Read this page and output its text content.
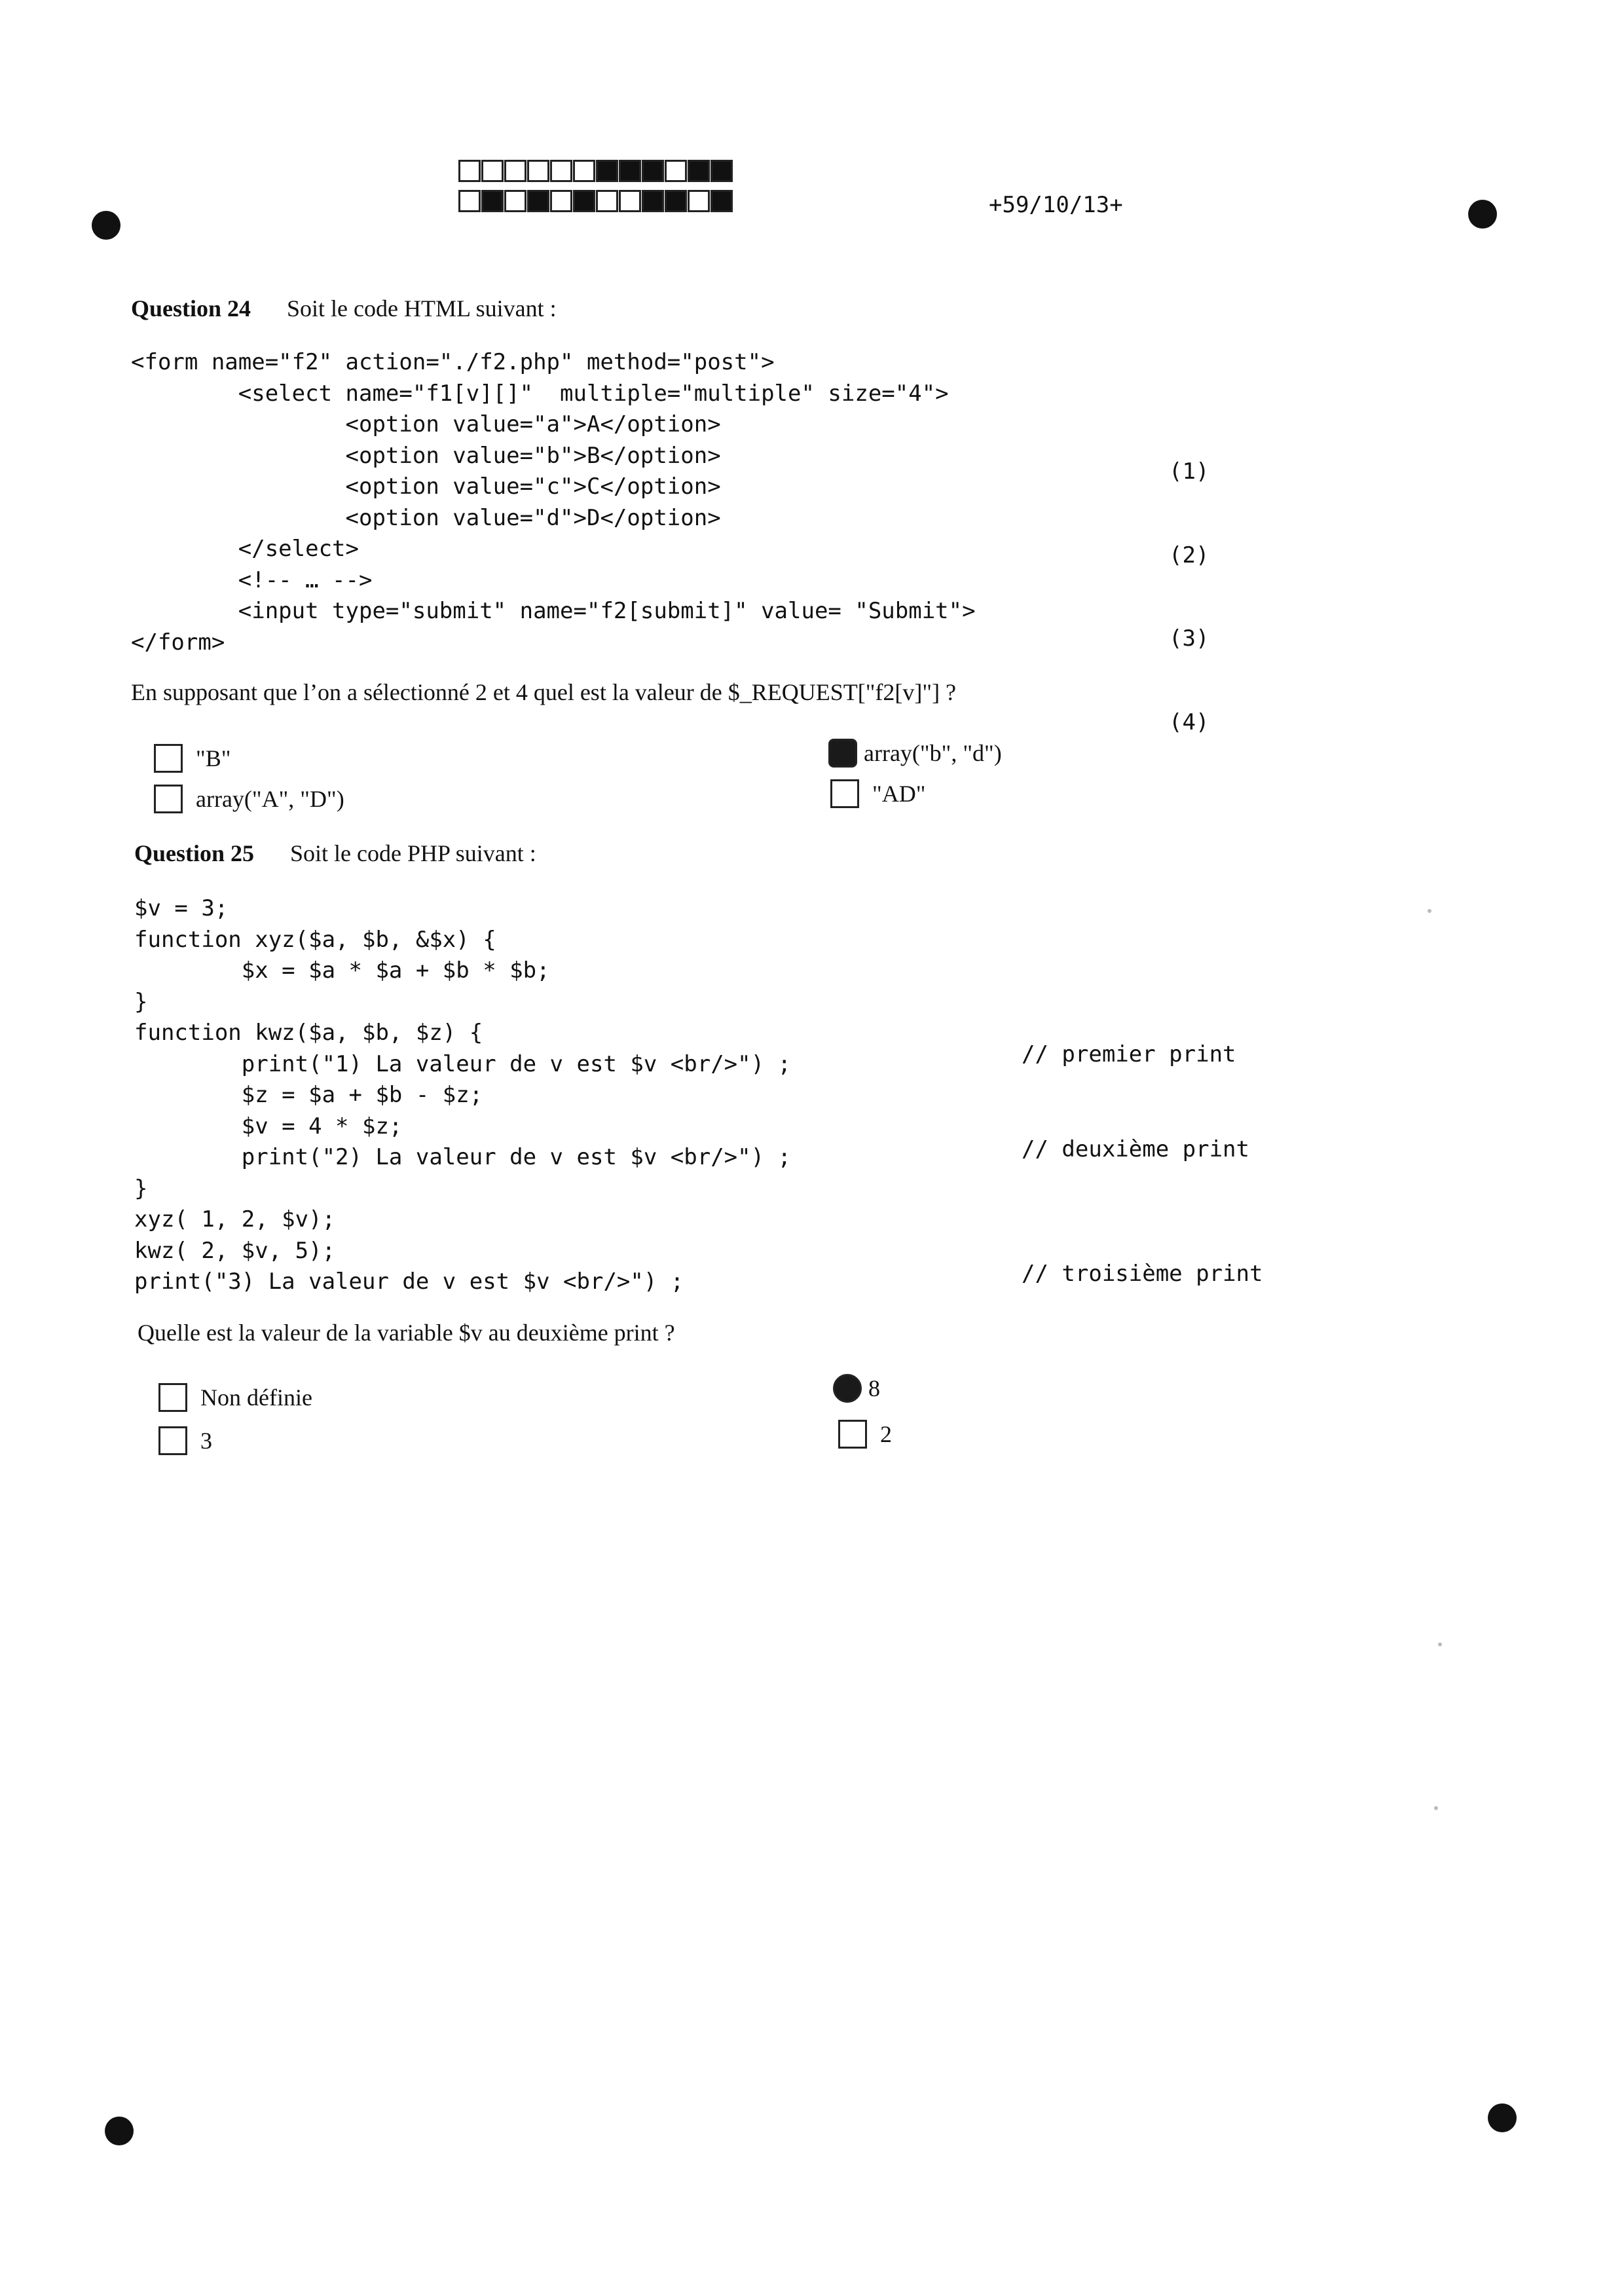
+59/10/13+
Question 24 Soit le code HTML suivant :
<form name="f2" action="./f2.php" method="post">
<select name="f1[v][]"  multiple="multiple" size="4">
<option value="a">A</option>
<option value="b">B</option>
<option value="c">C</option>
<option value="d">D</option>
</select>
<!-- … -->
<input type="submit" name="f2[submit]" value= "Submit">
</form>

(1)

(2)

(3)

(4)

En supposant que l’on a sélectionné 2 et 4 quel est la valeur de $_REQUEST["f2[v]"] ?
"B"
array("A", "D")
array("b", "d")
"AD"
Question 25 Soit le code PHP suivant :
$v = 3;
function xyz($a, $b, &$x) {
$x = $a * $a + $b * $b;
}
function kwz($a, $b, $z) {
print("1) La valeur de v est $v <br/>") ;
$z = $a + $b - $z;
$v = 4 * $z;
print("2) La valeur de v est $v <br/>") ;
}
xyz( 1, 2, $v);
kwz( 2, $v, 5);
print("3) La valeur de v est $v <br/>") ;

// premier print

// deuxième print

// troisième print

Quelle est la valeur de la variable $v au deuxième print ?
Non définie
3
8
2
